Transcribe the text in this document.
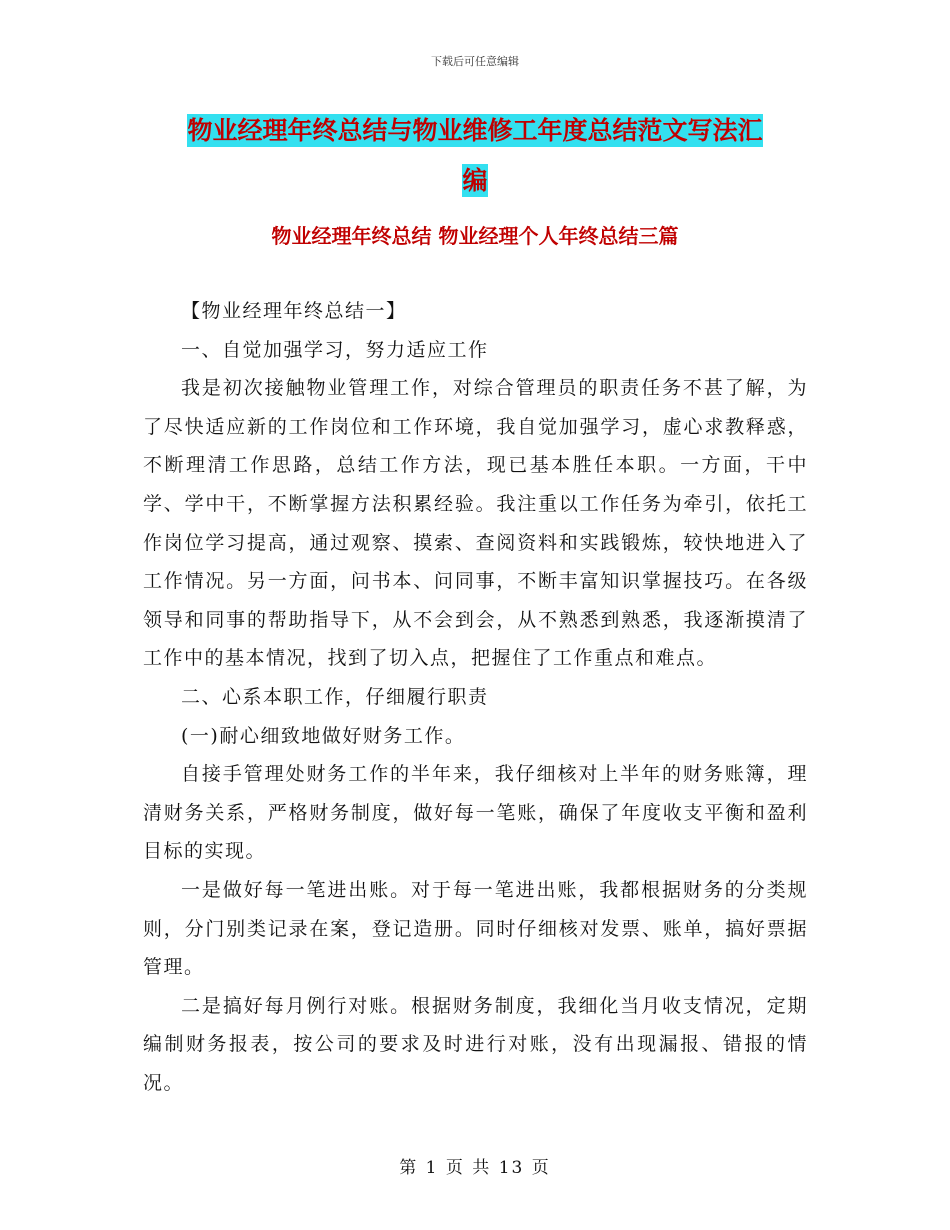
下载后可任意编辑
物业经理年终总结与物业维修工年度总结范文写法汇
编
物业经理年终总结 物业经理个人年终总结三篇

【物业经理年终总结一】

一、自觉加强学习，努力适应工作

我是初次接触物业管理工作，对综合管理员的职责任务不甚了解，为了尽快适应新的工作岗位和工作环境，我自觉加强学习，虚心求教释惑，不断理清工作思路，总结工作方法，现已基本胜任本职。一方面，干中学、学中干，不断掌握方法积累经验。我注重以工作任务为牵引，依托工作岗位学习提高，通过观察、摸索、查阅资料和实践锻炼，较快地进入了工作情况。另一方面，问书本、问同事，不断丰富知识掌握技巧。在各级领导和同事的帮助指导下，从不会到会，从不熟悉到熟悉，我逐渐摸清了工作中的基本情况，找到了切入点，把握住了工作重点和难点。

二、心系本职工作，仔细履行职责

(一)耐心细致地做好财务工作。

自接手管理处财务工作的半年来，我仔细核对上半年的财务账簿，理清财务关系，严格财务制度，做好每一笔账，确保了年度收支平衡和盈利目标的实现。

一是做好每一笔进出账。对于每一笔进出账，我都根据财务的分类规则，分门别类记录在案，登记造册。同时仔细核对发票、账单，搞好票据管理。

二是搞好每月例行对账。根据财务制度，我细化当月收支情况，定期编制财务报表，按公司的要求及时进行对账，没有出现漏报、错报的情况。

第 1 页 共 13 页
